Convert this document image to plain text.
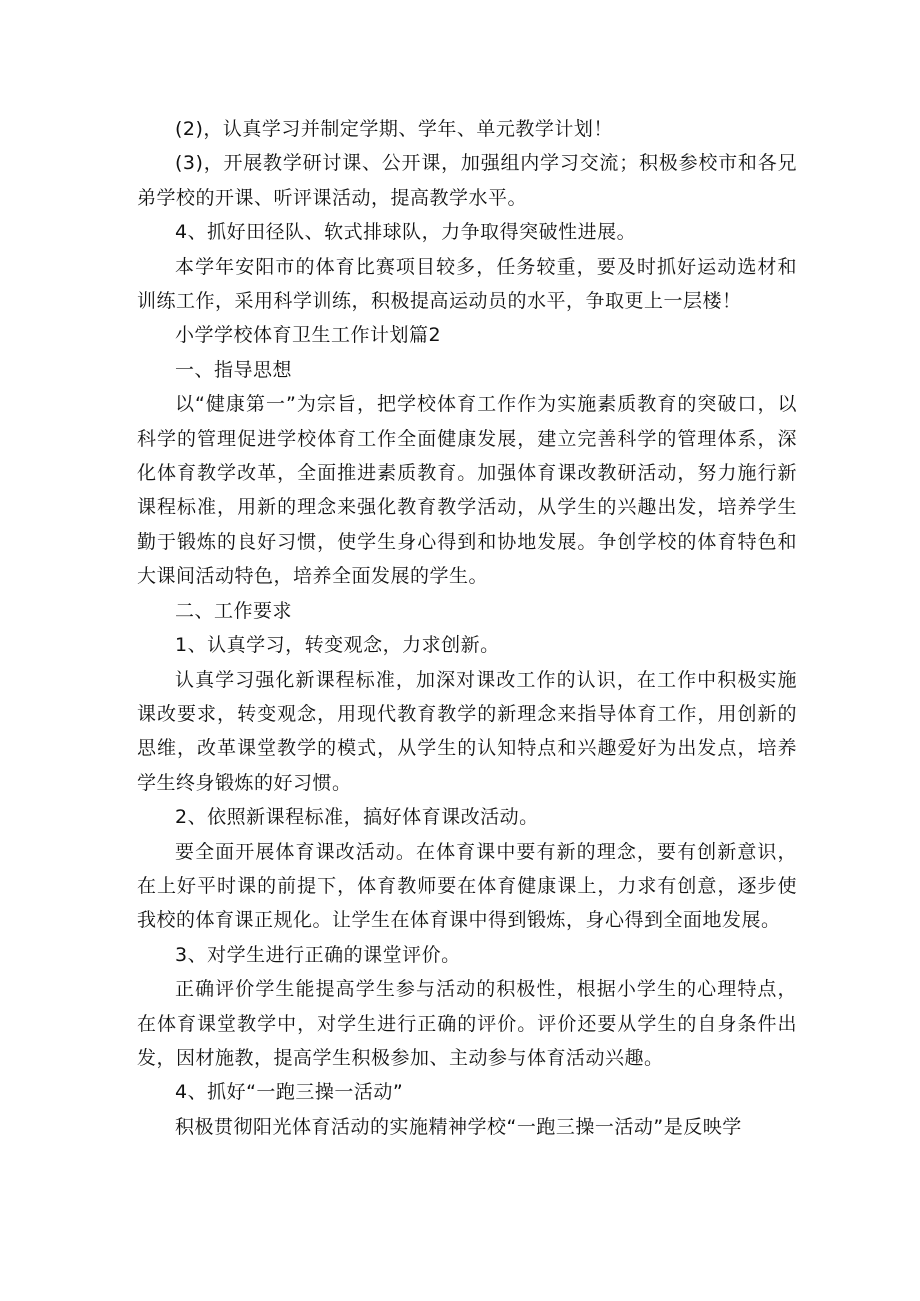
(2)，认真学习并制定学期、学年、单元教学计划！

(3)，开展教学研讨课、公开课，加强组内学习交流；积极参校市和各兄弟学校的开课、听评课活动，提高教学水平。

4、抓好田径队、软式排球队，力争取得突破性进展。

本学年安阳市的体育比赛项目较多，任务较重，要及时抓好运动选材和训练工作，采用科学训练，积极提高运动员的水平，争取更上一层楼！

小学学校体育卫生工作计划篇2

一、指导思想

以“健康第一”为宗旨，把学校体育工作作为实施素质教育的突破口，以科学的管理促进学校体育工作全面健康发展，建立完善科学的管理体系，深化体育教学改革，全面推进素质教育。加强体育课改教研活动，努力施行新课程标准，用新的理念来强化教育教学活动，从学生的兴趣出发，培养学生勤于锻炼的良好习惯，使学生身心得到和协地发展。争创学校的体育特色和大课间活动特色，培养全面发展的学生。

二、工作要求

1、认真学习，转变观念，力求创新。

认真学习强化新课程标准，加深对课改工作的认识，在工作中积极实施课改要求，转变观念，用现代教育教学的新理念来指导体育工作，用创新的思维，改革课堂教学的模式，从学生的认知特点和兴趣爱好为出发点，培养学生终身锻炼的好习惯。

2、依照新课程标准，搞好体育课改活动。

要全面开展体育课改活动。在体育课中要有新的理念，要有创新意识，在上好平时课的前提下，体育教师要在体育健康课上，力求有创意，逐步使我校的体育课正规化。让学生在体育课中得到锻炼，身心得到全面地发展。

3、对学生进行正确的课堂评价。

正确评价学生能提高学生参与活动的积极性，根据小学生的心理特点，在体育课堂教学中，对学生进行正确的评价。评价还要从学生的自身条件出发，因材施教，提高学生积极参加、主动参与体育活动兴趣。

4、抓好“一跑三操一活动”

积极贯彻阳光体育活动的实施精神学校“一跑三操一活动”是反映学
